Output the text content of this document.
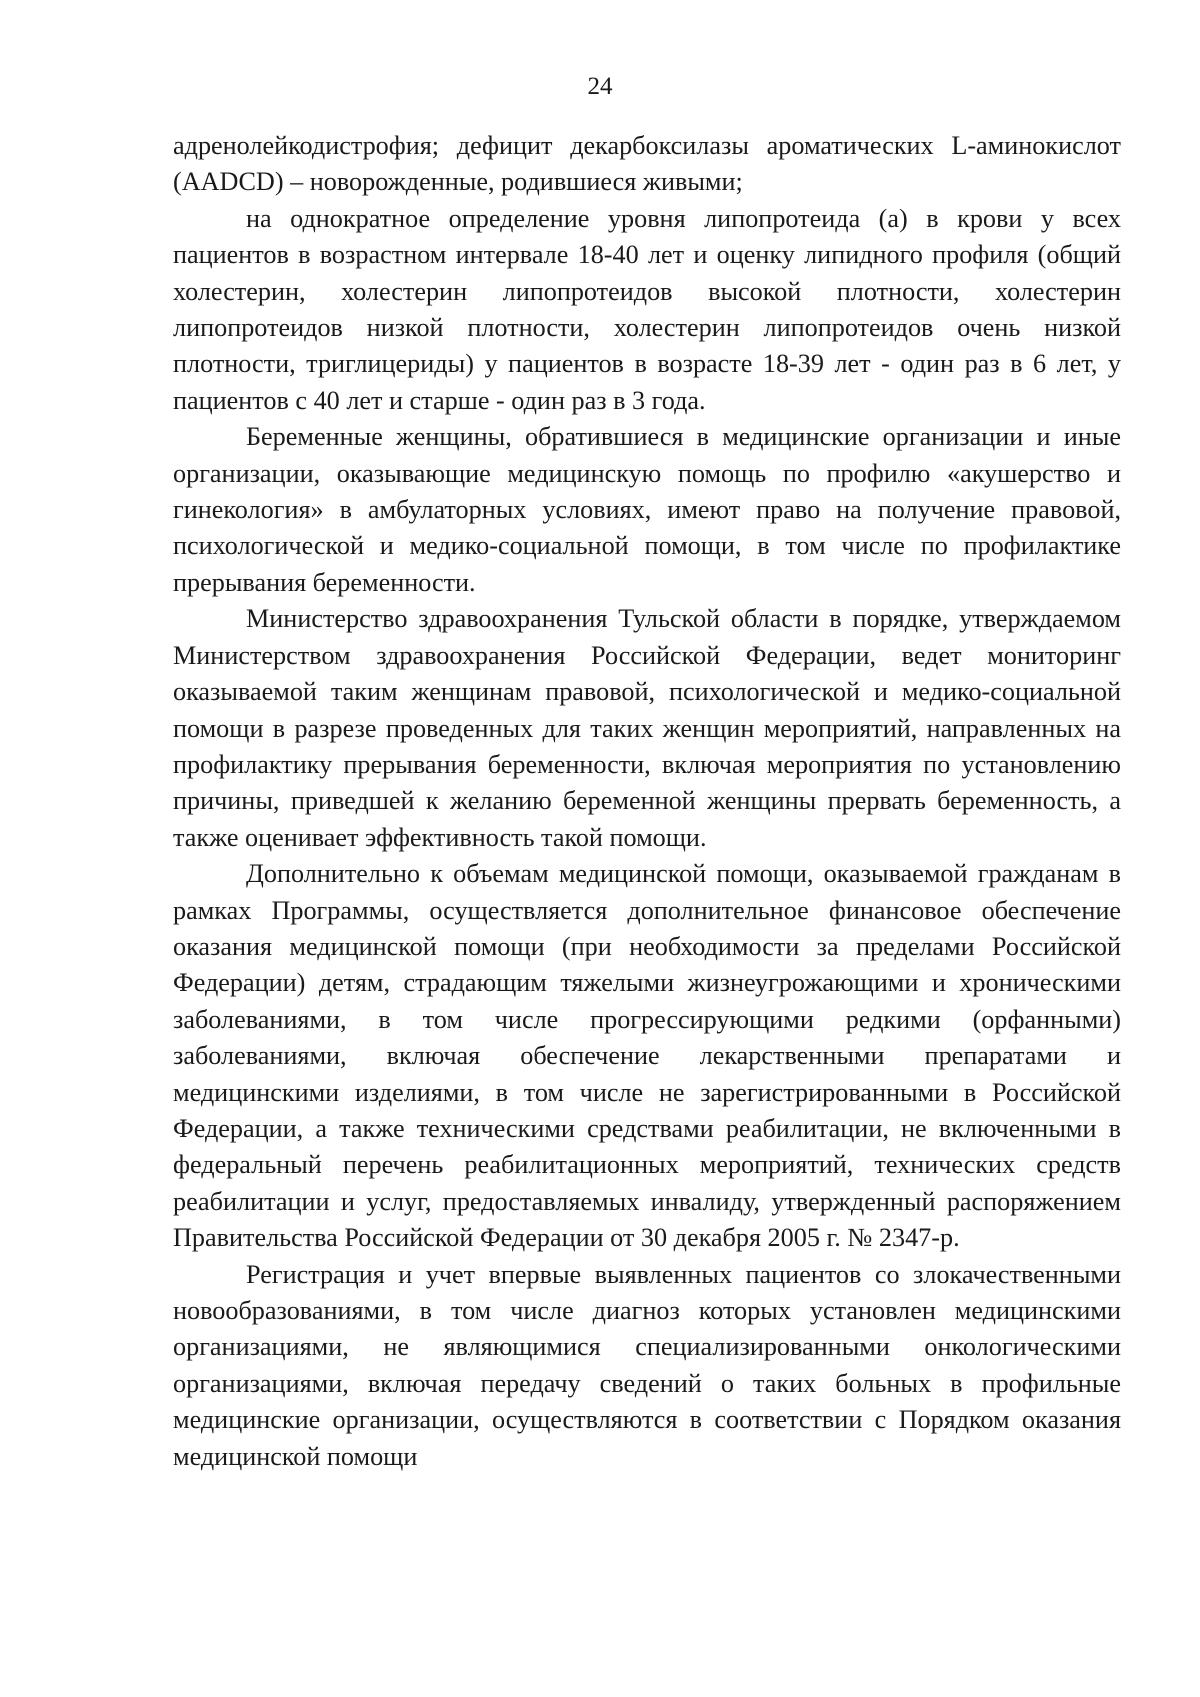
24

адренолейкодистрофия; дефицит декарбоксилазы ароматических L-аминокислот (AADCD) – новорожденные, родившиеся живыми;

на однократное определение уровня липопротеида (а) в крови у всех пациентов в возрастном интервале 18-40 лет и оценку липидного профиля (общий холестерин, холестерин липопротеидов высокой плотности, холестерин липопротеидов низкой плотности, холестерин липопротеидов очень низкой плотности, триглицериды) у пациентов в возрасте 18-39 лет - один раз в 6 лет, у пациентов с 40 лет и старше - один раз в 3 года.

Беременные женщины, обратившиеся в медицинские организации и иные организации, оказывающие медицинскую помощь по профилю «акушерство и гинекология» в амбулаторных условиях, имеют право на получение правовой, психологической и медико-социальной помощи, в том числе по профилактике прерывания беременности.

Министерство здравоохранения Тульской области в порядке, утверждаемом Министерством здравоохранения Российской Федерации, ведет мониторинг оказываемой таким женщинам правовой, психологической и медико-социальной помощи в разрезе проведенных для таких женщин мероприятий, направленных на профилактику прерывания беременности, включая мероприятия по установлению причины, приведшей к желанию беременной женщины прервать беременность, а также оценивает эффективность такой помощи.

Дополнительно к объемам медицинской помощи, оказываемой гражданам в рамках Программы, осуществляется дополнительное финансовое обеспечение оказания медицинской помощи (при необходимости за пределами Российской Федерации) детям, страдающим тяжелыми жизнеугрожающими и хроническими заболеваниями, в том числе прогрессирующими редкими (орфанными) заболеваниями, включая обеспечение лекарственными препаратами и медицинскими изделиями, в том числе не зарегистрированными в Российской Федерации, а также техническими средствами реабилитации, не включенными в федеральный перечень реабилитационных мероприятий, технических средств реабилитации и услуг, предоставляемых инвалиду, утвержденный распоряжением Правительства Российской Федерации от 30 декабря 2005 г. № 2347-р.

Регистрация и учет впервые выявленных пациентов со злокачественными новообразованиями, в том числе диагноз которых установлен медицинскими организациями, не являющимися специализированными онкологическими организациями, включая передачу сведений о таких больных в профильные медицинские организации, осуществляются в соответствии с Порядком оказания медицинской помощи
